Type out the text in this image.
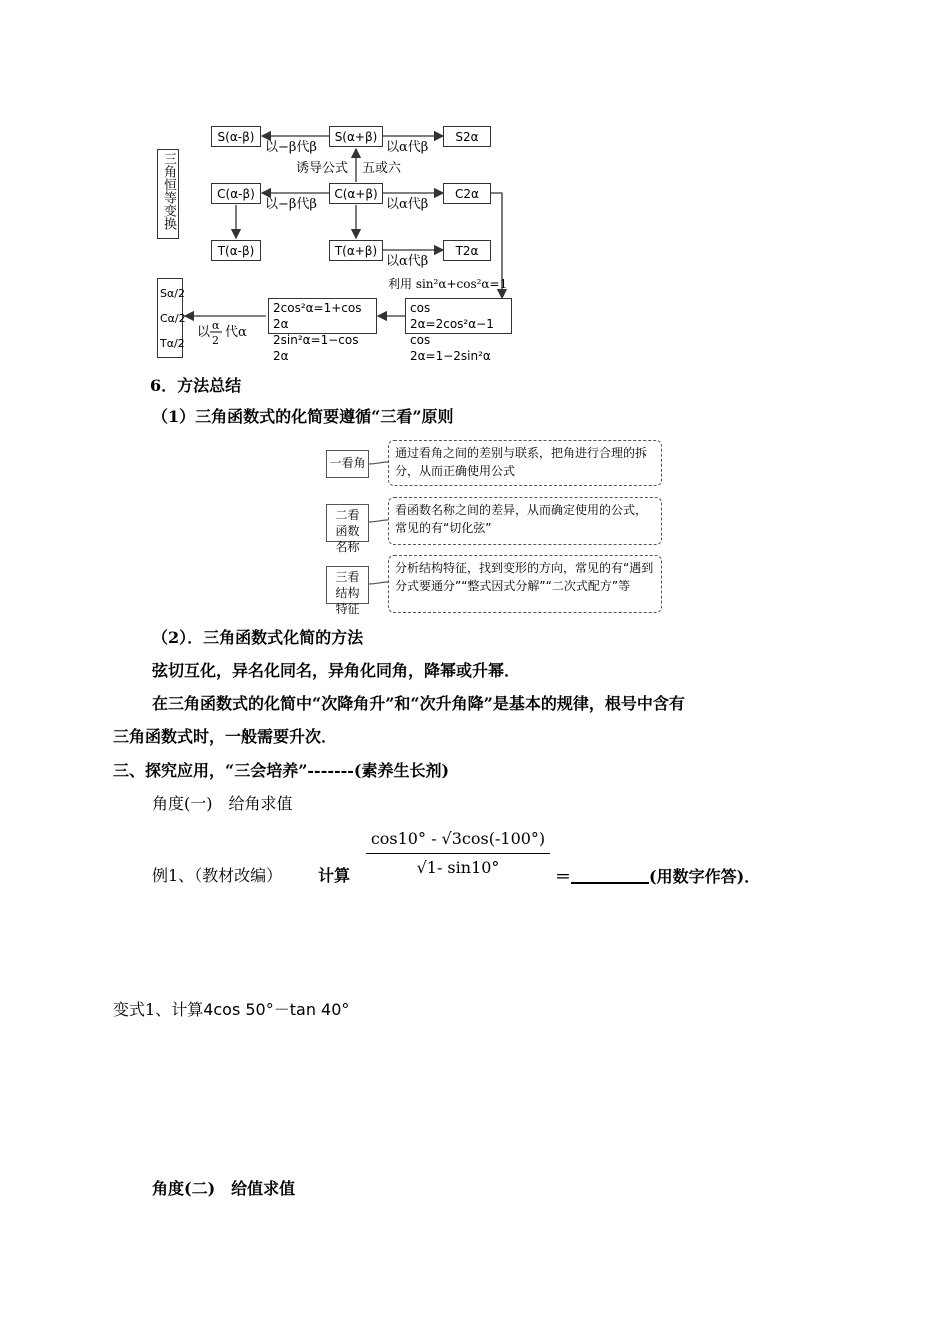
以−β代β	以α代β
诱导公式 五或六
以−β代β	以α代β
以α代β
利用 sin²α+cos²α=1
以 α
2
代α
三角恒等变换
S(α-β)	S(α+β)	S2α
C(α-β)	C(α+β)	C2α
T(α-β)	T(α+β)	T2α
cos 2α=2cos²α−1
cos 2α=1−2sin²α
2cos²α=1+cos 2α
2sin²α=1−cos 2α
Sα/2
Cα/2
Tα/2
6．方法总结
（1）三角函数式的化简要遵循“三看”原则
一看角
通过看角之间的差别与联系，把角进行合理的拆分，从而正确使用公式
二看函数名称
看函数名称之间的差异，从而确定使用的公式，常见的有“切化弦”
三看结构特征
分析结构特征，找到变形的方向，常见的有“遇到分式要通分”“整式因式分解”“二次式配方”等
（2）．三角函数式化简的方法
弦切互化，异名化同名，异角化同角，降幂或升幂．
在三角函数式的化简中“次降角升”和“次升角降”是基本的规律，根号中含有
三角函数式时，一般需要升次．
三、探究应用，“三会培养”-------(素养生长剂)
角度(一)　给角求值
例1、（教材改编） 计算
cos10° - √3cos(-100°)
√1- sin10°	＝	(用数字作答)．
变式1、计算4cos 50°－tan 40°
角度(二)　给值求值
